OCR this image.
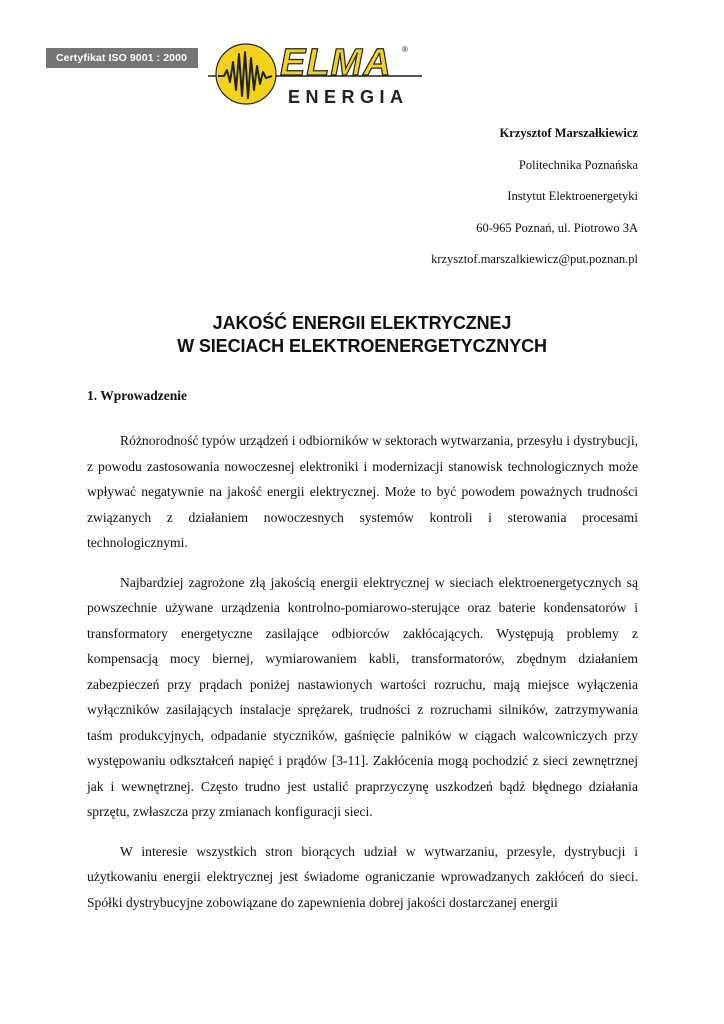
Certyfikat ISO 9001 : 2000 ELMA ®
ENERGIA
Krzysztof Marszałkiewicz
Politechnika Poznańska
Instytut Elektroenergetyki
60-965 Poznań, ul. Piotrowo 3A
krzysztof.marszalkiewicz@put.poznan.pl
JAKOŚĆ ENERGII ELEKTRYCZNEJ
W SIECIACH ELEKTROENERGETYCZNYCH
1. Wprowadzenie

Różnorodność typów urządzeń i odbiorników w sektorach wytwarzania, przesyłu i dystrybucji, z powodu zastosowania nowoczesnej elektroniki i modernizacji stanowisk technologicznych może wpływać negatywnie na jakość energii elektrycznej. Może to być powodem poważnych trudności związanych z działaniem nowoczesnych systemów kontroli i sterowania procesami technologicznymi.

Najbardziej zagrożone złą jakością energii elektrycznej w sieciach elektroenergetycznych są powszechnie używane urządzenia kontrolno-pomiarowo-sterujące oraz baterie kondensatorów i transformatory energetyczne zasilające odbiorców zakłócających. Występują problemy z kompensacją mocy biernej, wymiarowaniem kabli, transformatorów, zbędnym działaniem zabezpieczeń przy prądach poniżej nastawionych wartości rozruchu, mają miejsce wyłączenia wyłączników zasilających instalacje sprężarek, trudności z rozruchami silników, zatrzymywania taśm produkcyjnych, odpadanie styczników, gaśnięcie palników w ciągach walcowniczych przy występowaniu odkształceń napięć i prądów [3-11]. Zakłócenia mogą pochodzić z sieci zewnętrznej jak i wewnętrznej. Często trudno jest ustalić praprzyczynę uszkodzeń bądź błędnego działania sprzętu, zwłaszcza przy zmianach konfiguracji sieci.

W interesie wszystkich stron biorących udział w wytwarzaniu, przesyle, dystrybucji i użytkowaniu energii elektrycznej jest świadome ograniczanie wprowadzanych zakłóceń do sieci. Spółki dystrybucyjne zobowiązane do zapewnienia dobrej jakości dostarczanej energii
